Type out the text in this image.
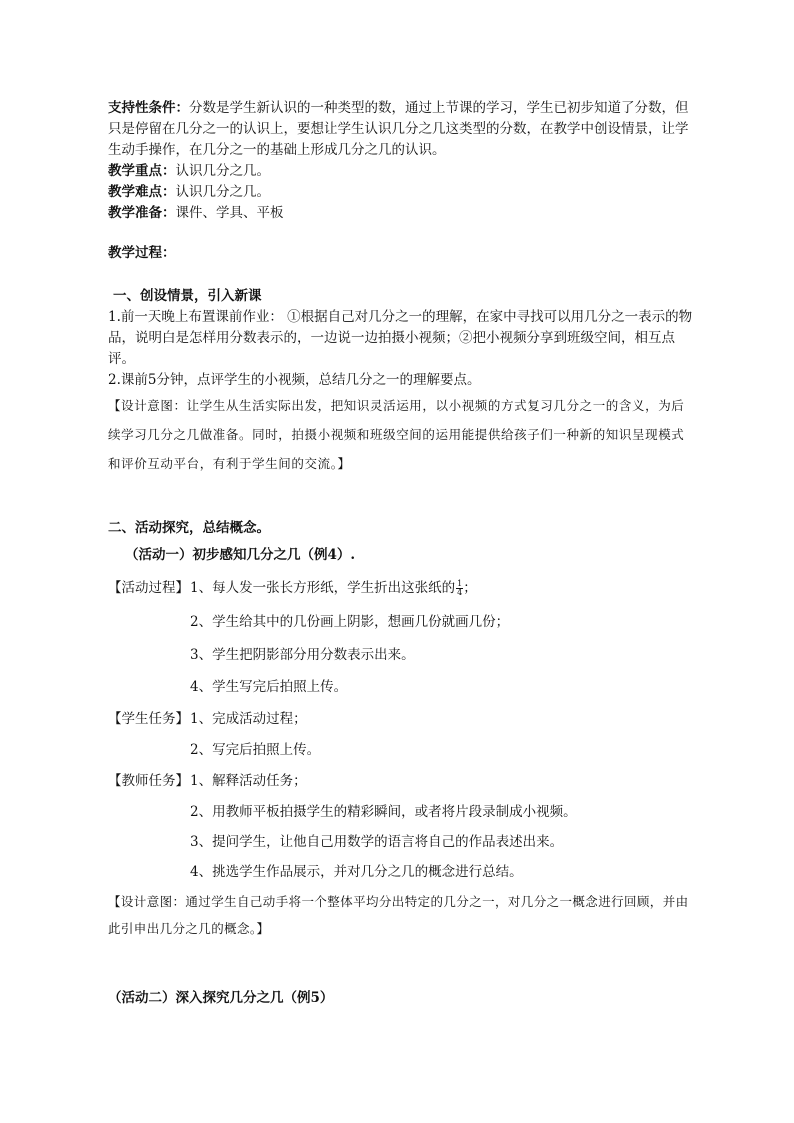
支持性条件：分数是学生新认识的一种类型的数，通过上节课的学习，学生已初步知道了分数，但只是停留在几分之一的认识上，要想让学生认识几分之几这类型的分数，在教学中创设情景，让学生动手操作，在几分之一的基础上形成几分之几的认识。

教学重点：认识几分之几。

教学难点：认识几分之几。

教学准备：课件、学具、平板

教学过程：

一、创设情景，引入新课

1.前一天晚上布置课前作业： ①根据自己对几分之一的理解，在家中寻找可以用几分之一表示的物品，说明白是怎样用分数表示的，一边说一边拍摄小视频；②把小视频分享到班级空间，相互点评。

2.课前5分钟，点评学生的小视频，总结几分之一的理解要点。

【设计意图：让学生从生活实际出发，把知识灵活运用，以小视频的方式复习几分之一的含义，为后续学习几分之几做准备。同时，拍摄小视频和班级空间的运用能提供给孩子们一种新的知识呈现模式和评价互动平台，有利于学生间的交流。】

二、活动探究，总结概念。

（活动一）初步感知几分之几（例4）.

【活动过程】 1、每人发一张长方形纸，学生折出这张纸的 $\frac{1}{4}$ ；

2、学生给其中的几份画上阴影，想画几份就画几份；

3、学生把阴影部分用分数表示出来。

4、学生写完后拍照上传。

【学生任务】 1、完成活动过程；

2、写完后拍照上传。

【教师任务】 1、解释活动任务；

2、用教师平板拍摄学生的精彩瞬间，或者将片段录制成小视频。

3、提问学生，让他自己用数学的语言将自己的作品表述出来。

4、挑选学生作品展示，并对几分之几的概念进行总结。

【设计意图：通过学生自己动手将一个整体平均分出特定的几分之一，对几分之一概念进行回顾，并由此引申出几分之几的概念。】

（活动二）深入探究几分之几（例5）
